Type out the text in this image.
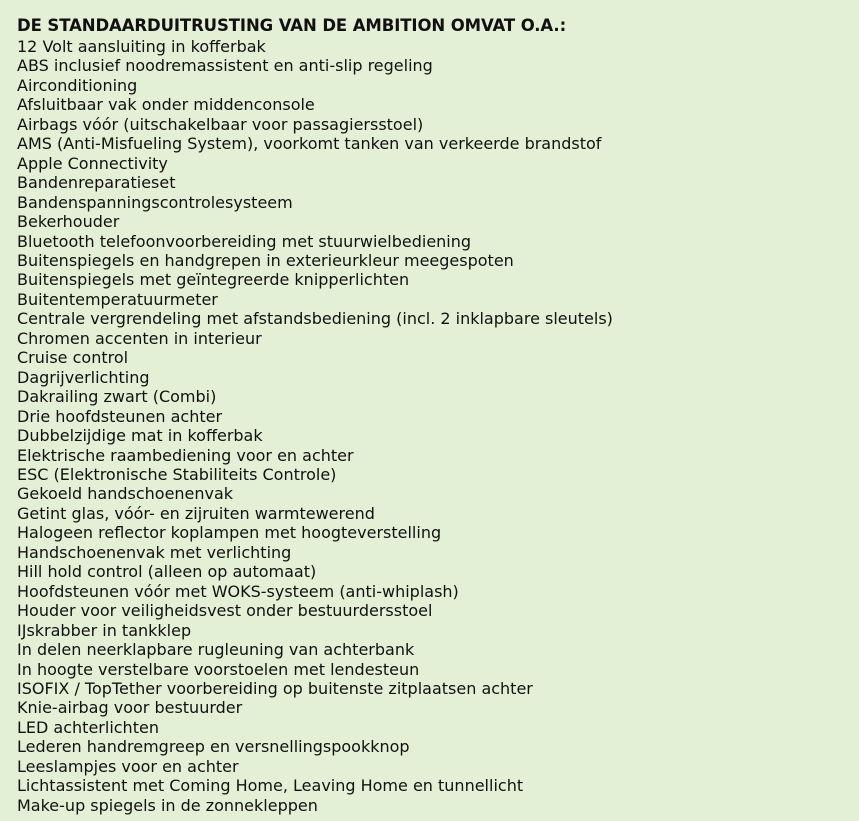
DE STANDAARDUITRUSTING VAN DE AMBITION OMVAT O.A.:
12 Volt aansluiting in kofferbak
ABS inclusief noodremassistent en anti-slip regeling
Airconditioning
Afsluitbaar vak onder middenconsole
Airbags vóór (uitschakelbaar voor passagiersstoel)
AMS (Anti-Misfueling System), voorkomt tanken van verkeerde brandstof
Apple Connectivity
Bandenreparatieset
Bandenspanningscontrolesysteem
Bekerhouder
Bluetooth telefoonvoorbereiding met stuurwielbediening
Buitenspiegels en handgrepen in exterieurkleur meegespoten
Buitenspiegels met geïntegreerde knipperlichten
Buitentemperatuurmeter
Centrale vergrendeling met afstandsbediening (incl. 2 inklapbare sleutels)
Chromen accenten in interieur
Cruise control
Dagrijverlichting
Dakrailing zwart (Combi)
Drie hoofdsteunen achter
Dubbelzijdige mat in kofferbak
Elektrische raambediening voor en achter
ESC (Elektronische Stabiliteits Controle)
Gekoeld handschoenenvak
Getint glas, vóór- en zijruiten warmtewerend
Halogeen reflector koplampen met hoogteverstelling
Handschoenenvak met verlichting
Hill hold control (alleen op automaat)
Hoofdsteunen vóór met WOKS-systeem (anti-whiplash)
Houder voor veiligheidsvest onder bestuurdersstoel
IJskrabber in tankklep
In delen neerklapbare rugleuning van achterbank
In hoogte verstelbare voorstoelen met lendesteun
ISOFIX / TopTether voorbereiding op buitenste zitplaatsen achter
Knie-airbag voor bestuurder
LED achterlichten
Lederen handremgreep en versnellingspookknop
Leeslampjes voor en achter
Lichtassistent met Coming Home, Leaving Home en tunnellicht
Make-up spiegels in de zonnekleppen
